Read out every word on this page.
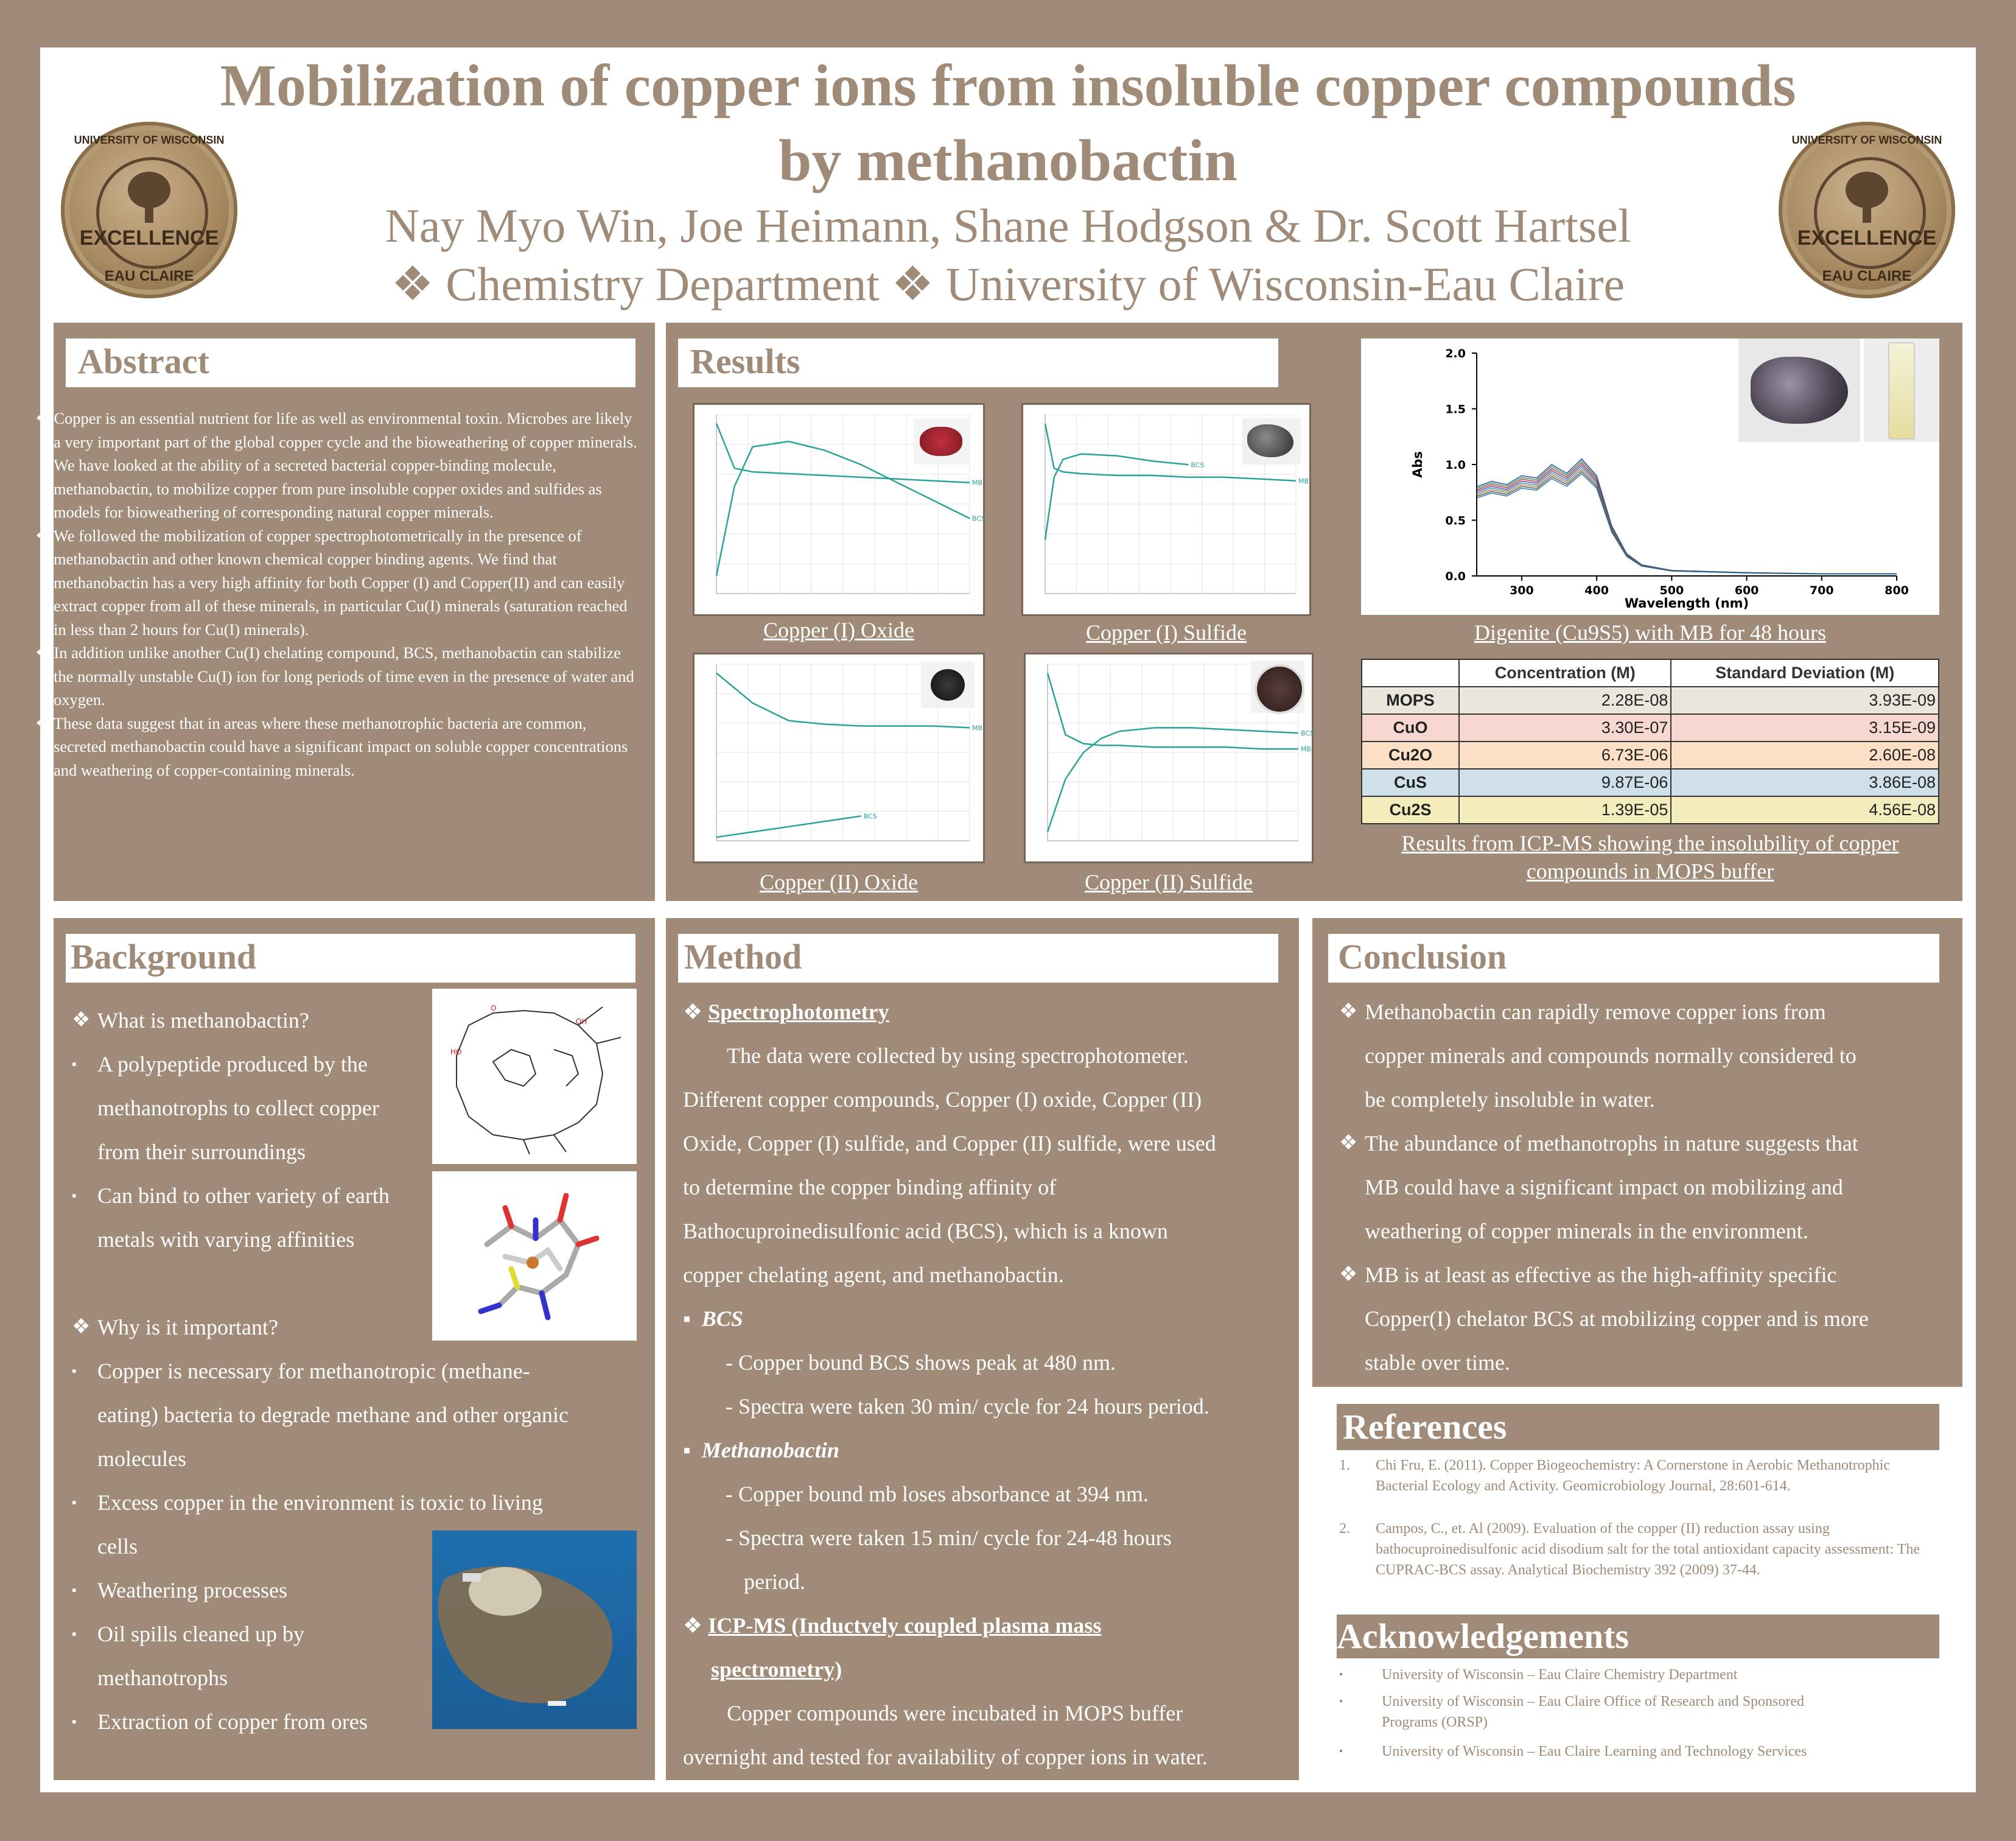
Mobilization of copper ions from insoluble copper compounds
by methanobactin
Nay Myo Win, Joe Heimann, Shane Hodgson & Dr. Scott Hartsel
❖ Chemistry Department ❖ University of Wisconsin-Eau Claire
UNIVERSITY OF WISCONSIN
EXCELLENCE
EAU CLAIRE
UNIVERSITY OF WISCONSIN
EXCELLENCE
EAU CLAIRE
Abstract

❖ Copper is an essential nutrient for life as well as environmental toxin. Microbes are likely a very important part of the global copper cycle and the bioweathering of copper minerals. We have looked at the ability of a secreted bacterial copper-binding molecule, methanobactin, to mobilize copper from pure insoluble copper oxides and sulfides as models for bioweathering of corresponding natural copper minerals.

❖ We followed the mobilization of copper spectrophotometrically in the presence of methanobactin and other known chemical copper binding agents. We find that methanobactin has a very high affinity for both Copper (I) and Copper(II) and can easily extract copper from all of these minerals, in particular Cu(I) minerals (saturation reached in less than 2 hours for Cu(I) minerals).

❖ In addition unlike another Cu(I) chelating compound, BCS, methanobactin can stabilize the normally unstable Cu(I) ion for long periods of time even in the presence of water and oxygen.

❖ These data suggest that in areas where these methanotrophic bacteria are common, secreted methanobactin could have a significant impact on soluble copper concentrations and weathering of copper-containing minerals.

Results
MB
BCS
BCS
MB
MB
BCS
BCS
MB
Copper (I) Oxide	Copper (I) Sulfide
Copper (II) Oxide	Copper (II) Sulfide
0.0
0.5
1.0
1.5
2.0
300	400	500	600	700	800
Wavelength (nm)
Abs
Digenite (Cu9S5) with MB for 48 hours
	Concentration (M)	Standard Deviation (M)
MOPS	2.28E-08	3.93E-09
CuO	3.30E-07	3.15E-09
Cu2O	6.73E-06	2.60E-08
CuS	9.87E-06	3.86E-08
Cu2S	1.39E-05	4.56E-08
Results from ICP-MS showing the insolubility of copper
compounds in MOPS buffer
Background
❖ What is methanobactin?
▪ A polypeptide produced by the
methanotrophs to collect copper
from their surroundings
▪ Can bind to other variety of earth
metals with varying affinities
❖ Why is it important?
▪ Copper is necessary for methanotropic (methane-
eating) bacteria to degrade methane and other organic
molecules
▪ Excess copper in the environment is toxic to living
cells
▪ Weathering processes
▪ Oil spills cleaned up by
methanotrophs
▪ Extraction of copper from ores
O
OH
HO
Method
❖ Spectrophotometry
The data were collected by using spectrophotometer.
Different copper compounds, Copper (I) oxide, Copper (II)
Oxide, Copper (I) sulfide, and Copper (II) sulfide, were used
to determine the copper binding affinity of
Bathocuproinedisulfonic acid (BCS), which is a known
copper chelating agent, and methanobactin.
▪  BCS
- Copper bound BCS shows peak at 480 nm.
- Spectra were taken 30 min/ cycle for 24 hours period.
▪  Methanobactin
- Copper bound mb loses absorbance at 394 nm.
- Spectra were taken 15 min/ cycle for 24-48 hours
period.
❖ ICP-MS (Inductvely coupled plasma mass
spectrometry)
Copper compounds were incubated in MOPS buffer
overnight and tested for availability of copper ions in water.
Conclusion
❖ Methanobactin can rapidly remove copper ions from
copper minerals and compounds normally considered to
be completely insoluble in water.
❖ The abundance of methanotrophs in nature suggests that
MB could have a significant impact on mobilizing and
weathering of copper minerals in the environment.
❖ MB is at least as effective as the high-affinity specific
Copper(I) chelator BCS at mobilizing copper and is more
stable over time.
References
1.	Chi Fru, E. (2011). Copper Biogeochemistry: A Cornerstone in Aerobic Methanotrophic Bacterial Ecology and Activity. Geomicrobiology Journal, 28:601-614.
2.	Campos, C., et. Al (2009). Evaluation of the copper (II) reduction assay using bathocuproinedisulfonic acid disodium salt for the total antioxidant capacity assessment: The CUPRAC-BCS assay. Analytical Biochemistry 392 (2009) 37-44.
Acknowledgements
▪	University of Wisconsin – Eau Claire Chemistry Department
▪	University of Wisconsin – Eau Claire Office of Research and Sponsored Programs (ORSP)
▪	University of Wisconsin – Eau Claire Learning and Technology Services
